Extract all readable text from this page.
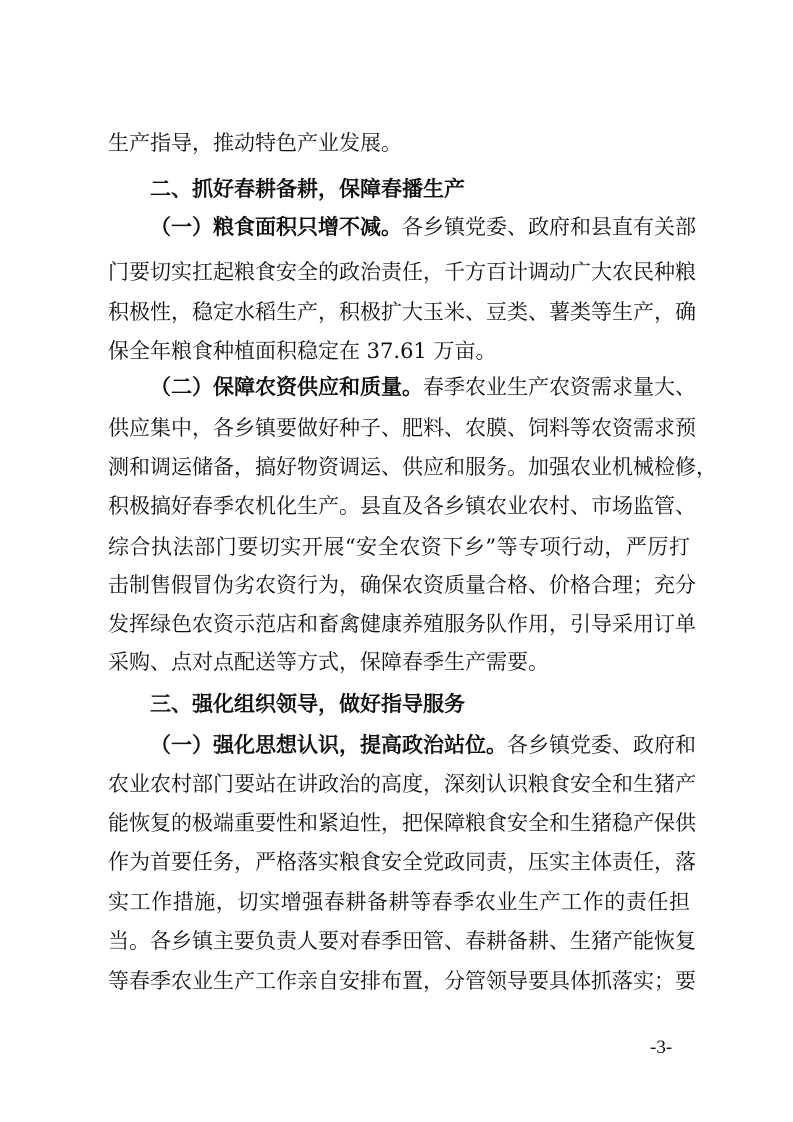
生产指导，推动特色产业发展。
二、抓好春耕备耕，保障春播生产
（一）粮食面积只增不减。各乡镇党委、政府和县直有关部
门要切实扛起粮食安全的政治责任，千方百计调动广大农民种粮
积极性，稳定水稻生产，积极扩大玉米、豆类、薯类等生产，确
保全年粮食种植面积稳定在 37.61 万亩。
（二）保障农资供应和质量。春季农业生产农资需求量大、
供应集中，各乡镇要做好种子、肥料、农膜、饲料等农资需求预
测和调运储备，搞好物资调运、供应和服务。加强农业机械检修，
积极搞好春季农机化生产。县直及各乡镇农业农村、市场监管、
综合执法部门要切实开展“安全农资下乡”等专项行动，严厉打
击制售假冒伪劣农资行为，确保农资质量合格、价格合理；充分
发挥绿色农资示范店和畜禽健康养殖服务队作用，引导采用订单
采购、点对点配送等方式，保障春季生产需要。
三、强化组织领导，做好指导服务
（一）强化思想认识，提高政治站位。各乡镇党委、政府和
农业农村部门要站在讲政治的高度，深刻认识粮食安全和生猪产
能恢复的极端重要性和紧迫性，把保障粮食安全和生猪稳产保供
作为首要任务，严格落实粮食安全党政同责，压实主体责任，落
实工作措施，切实增强春耕备耕等春季农业生产工作的责任担
当。各乡镇主要负责人要对春季田管、春耕备耕、生猪产能恢复
等春季农业生产工作亲自安排布置，分管领导要具体抓落实；要
-3-
